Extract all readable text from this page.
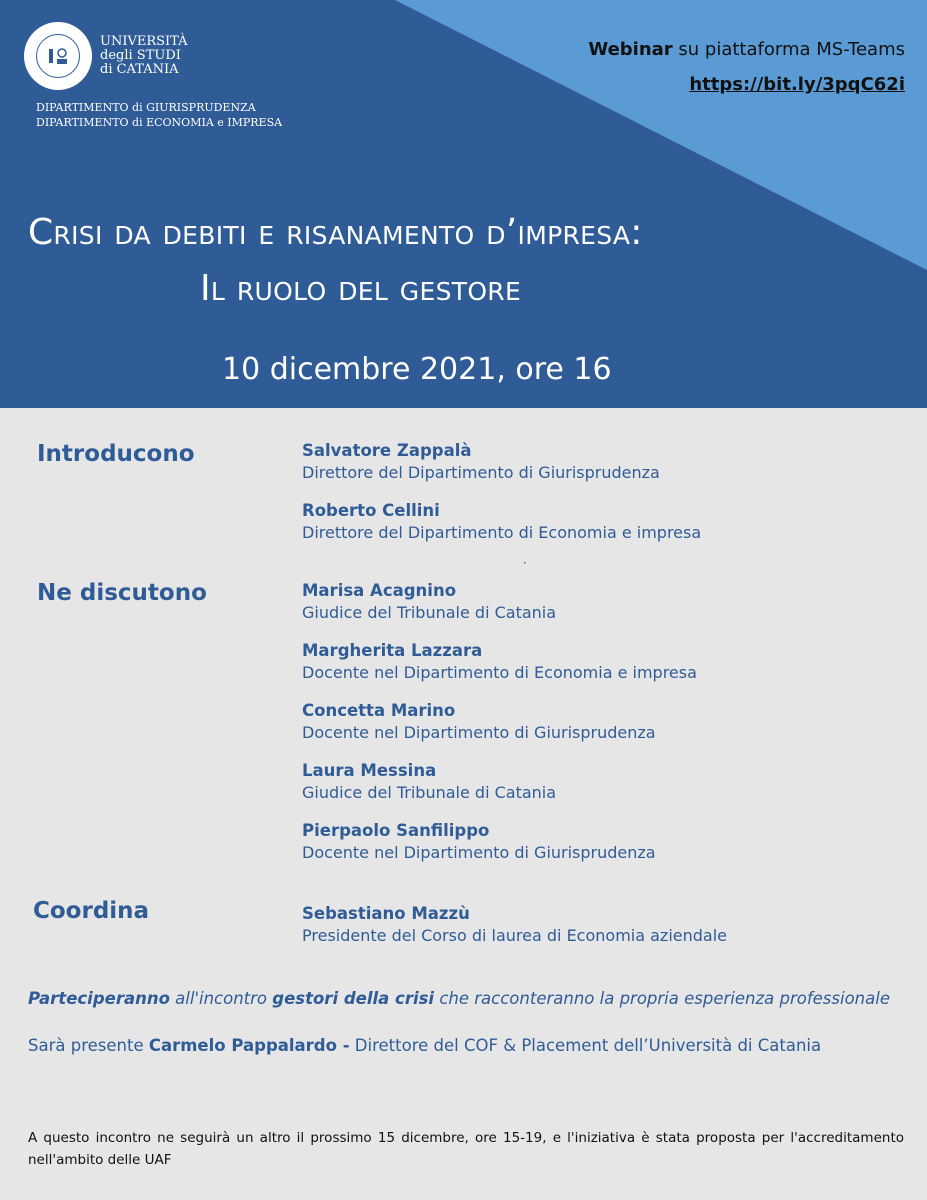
UNIVERSITÀ
degli STUDI
di CATANIA
DIPARTIMENTO di GIURISPRUDENZA
DIPARTIMENTO di ECONOMIA e IMPRESA
Webinar su piattaforma MS-Teams
https://bit.ly/3pqC62i
Crisi da debiti e risanamento d’impresa:
Il ruolo del gestore
10 dicembre 2021, ore 16
Introducono	Salvatore Zappalà
Direttore del Dipartimento di Giurisprudenza
Roberto Cellini
Direttore del Dipartimento di Economia e impresa
·
Ne discutono	Marisa Acagnino
Giudice del Tribunale di Catania
Margherita Lazzara
Docente nel Dipartimento di Economia e impresa
Concetta Marino
Docente nel Dipartimento di Giurisprudenza
Laura Messina
Giudice del Tribunale di Catania
Pierpaolo Sanfilippo
Docente nel Dipartimento di Giurisprudenza
Coordina	Sebastiano Mazzù
Presidente del Corso di laurea di Economia aziendale
Parteciperanno all'incontro gestori della crisi che racconteranno la propria esperienza professionale
Sarà presente Carmelo Pappalardo - Direttore del COF & Placement dell’Università di Catania
A questo incontro ne seguirà un altro il prossimo 15 dicembre, ore 15-19, e l'iniziativa è stata proposta per l'accreditamento nell'ambito delle UAF
